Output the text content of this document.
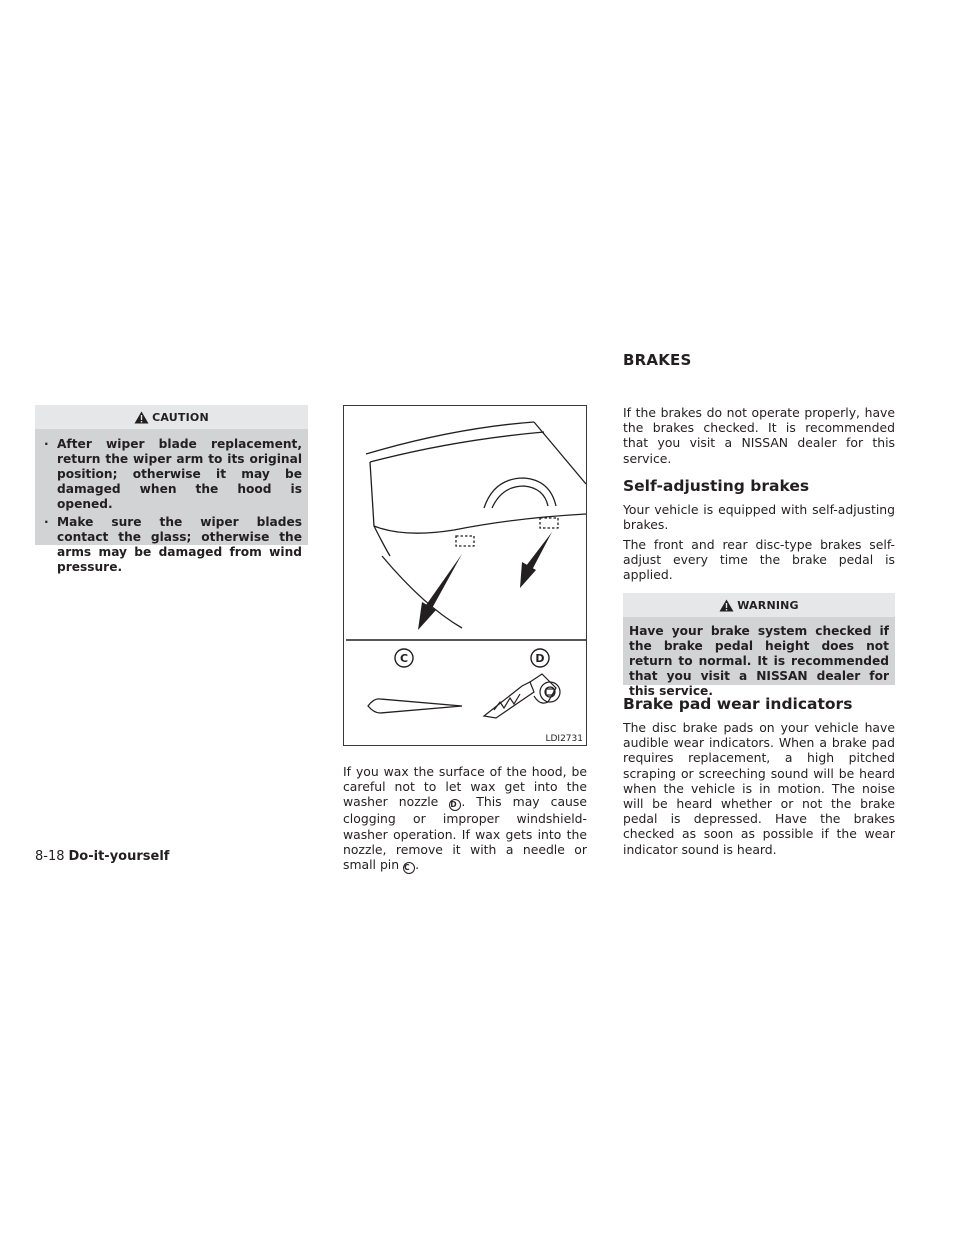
CAUTION
· After wiper blade replacement, return the wiper arm to its original position; otherwise it may be damaged when the hood is opened.
· Make sure the wiper blades contact the glass; otherwise the arms may be damaged from wind pressure.
C	D
LDI2731

If you wax the surface of the hood, be careful not to let wax get into the washer nozzle D . This may cause clogging or improper windshield-washer operation. If wax gets into the nozzle, remove it with a needle or small pin C .

BRAKES

If the brakes do not operate properly, have the brakes checked. It is recommended that you visit a NISSAN dealer for this service.

Self-adjusting brakes

Your vehicle is equipped with self-adjusting brakes.

The front and rear disc-type brakes self-adjust every time the brake pedal is applied.

WARNING

Have your brake system checked if the brake pedal height does not return to normal. It is recommended that you visit a NISSAN dealer for this service.

Brake pad wear indicators

The disc brake pads on your vehicle have audible wear indicators. When a brake pad requires replacement, a high pitched scraping or screeching sound will be heard when the vehicle is in motion. The noise will be heard whether or not the brake pedal is depressed. Have the brakes checked as soon as possible if the wear indicator sound is heard.

8-18 Do-it-yourself
